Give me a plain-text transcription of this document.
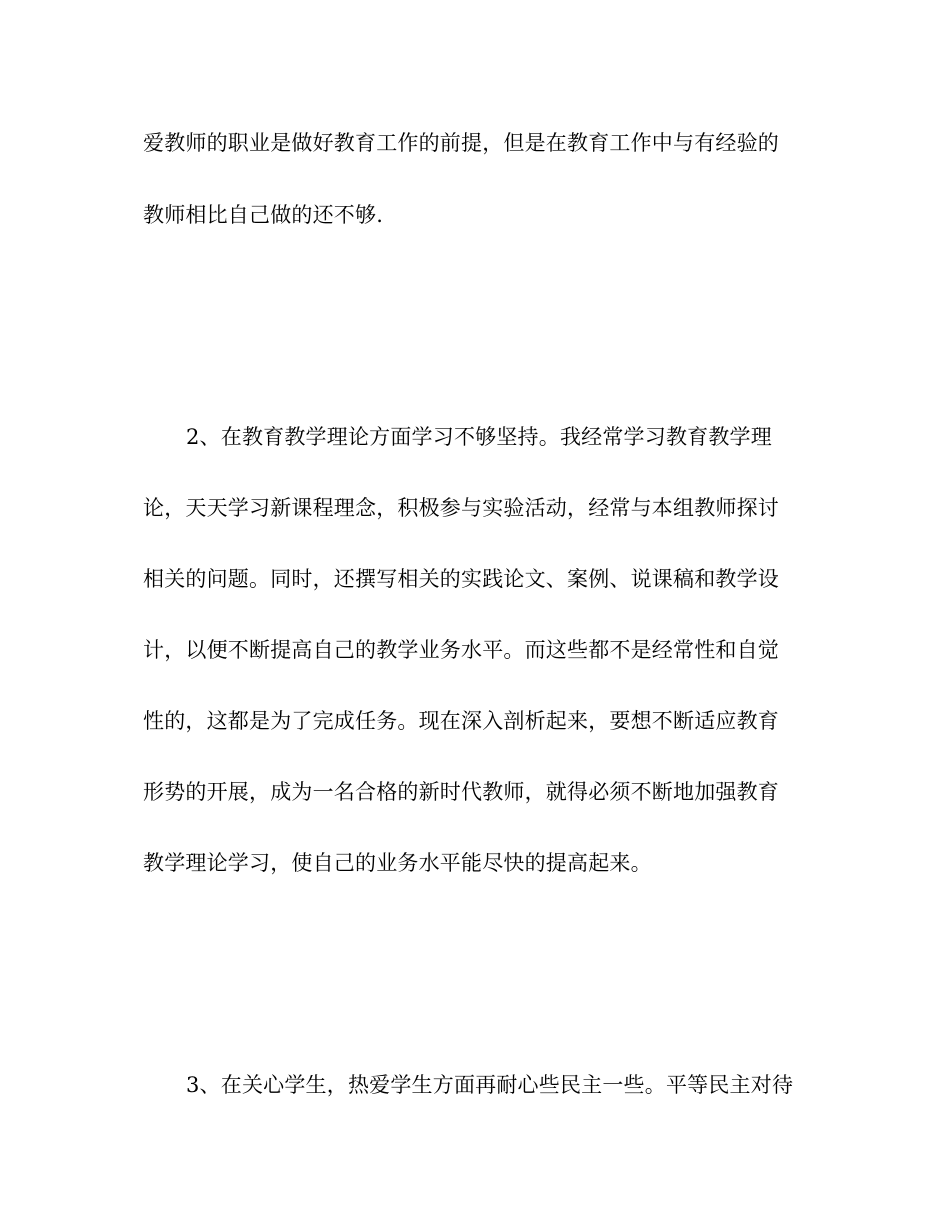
爱教师的职业是做好教育工作的前提，但是在教育工作中与有经验的
教师相比自己做的还不够.
2、在教育教学理论方面学习不够坚持。我经常学习教育教学理
论，天天学习新课程理念，积极参与实验活动，经常与本组教师探讨
相关的问题。同时，还撰写相关的实践论文、案例、说课稿和教学设
计，以便不断提高自己的教学业务水平。而这些都不是经常性和自觉
性的，这都是为了完成任务。现在深入剖析起来，要想不断适应教育
形势的开展，成为一名合格的新时代教师，就得必须不断地加强教育
教学理论学习，使自己的业务水平能尽快的提高起来。
3、在关心学生，热爱学生方面再耐心些民主一些。平等民主对待
